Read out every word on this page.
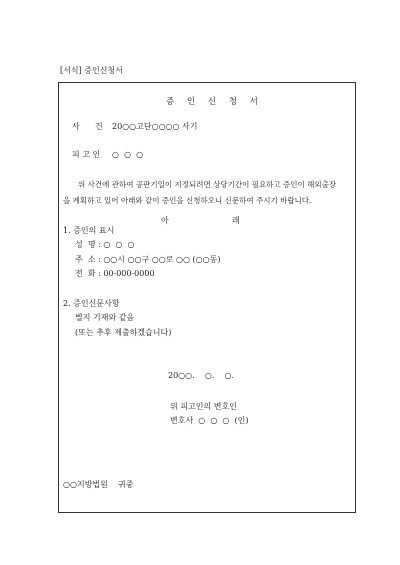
[서식] 증인신청서
증 인 신 청 서
사      건 20○○고단○○○○ 사기
피 고 인 ○  ○  ○
위 사건에 관하여 공판기일이 지정되려면 상당기간이 필요하고 증인이 해외출장
을 계획하고 있어 아래와 같이 증인을 신청하오니 신문하여 주시기 바랍니다.
아	래
1. 증인의 표시
성  명 : ○  ○  ○
주  소 : ○○시 ○○구 ○○로 ○○ (○○동)
전  화 : 00-000-0000
2. 증인신문사항
별지 기재와 같음
(또는 추후 제출하겠습니다)
20○○.    ○.    ○.
위 피고인의 변호인
변호사  ○  ○  ○  (인)
○○지방법원    귀중
